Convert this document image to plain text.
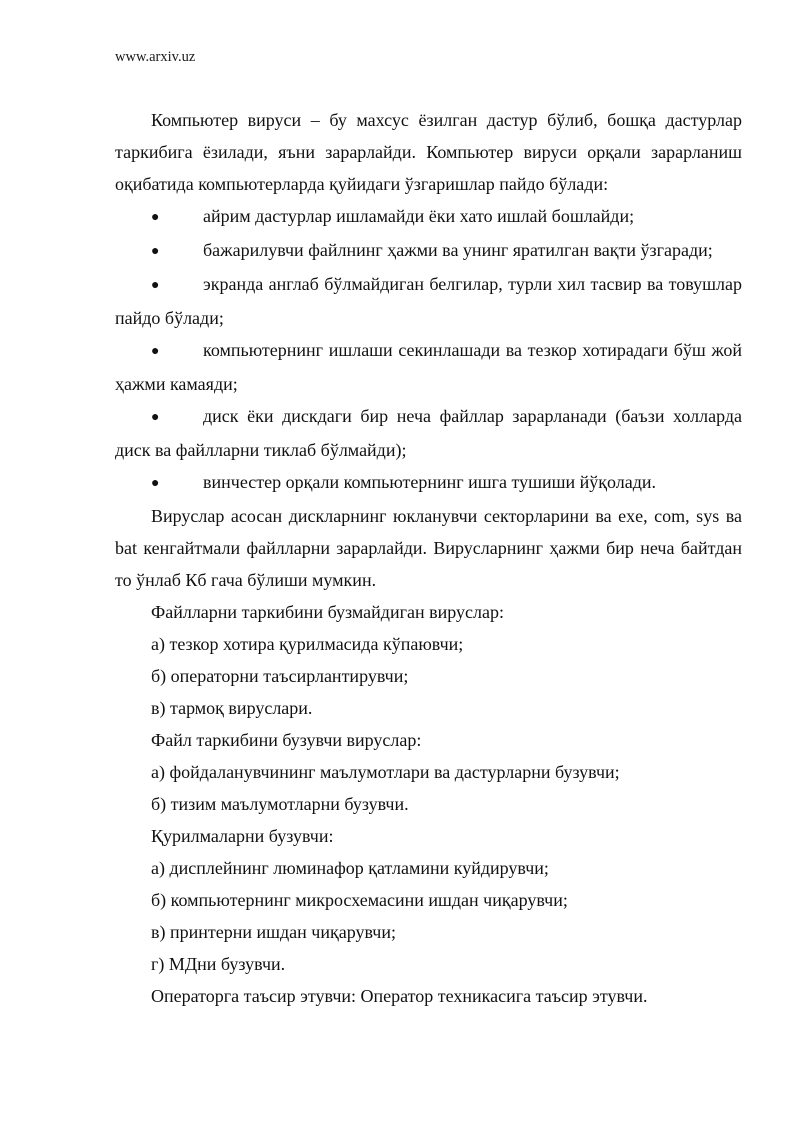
www.arxiv.uz

Компьютер вируси – бу махсус ёзилган дастур бўлиб, бошқа дастурлар таркибига ёзилади, яъни зарарлайди. Компьютер вируси орқали зарарланиш оқибатида компьютерларда қуйидаги ўзгаришлар пайдо бўлади:

● айрим дастурлар ишламайди ёки хато ишлай бошлайди;

● бажарилувчи файлнинг ҳажми ва унинг яратилган вақти ўзгаради;

● экранда англаб бўлмайдиган белгилар, турли хил тасвир ва товушлар пайдо бўлади;

● компьютернинг ишлаши секинлашади ва тезкор хотирадаги бўш жой ҳажми камаяди;

● диск ёки дискдаги бир неча файллар зарарланади (баъзи холларда диск ва файлларни тиклаб бўлмайди);

● винчестер орқали компьютернинг ишга тушиши йўқолади.

Вируслар асосан дискларнинг юкланувчи секторларини ва exe, com, sys ва bat кенгайтмали файлларни зарарлайди. Вирусларнинг ҳажми бир неча байтдан то ўнлаб Кб гача бўлиши мумкин.

Файлларни таркибини бузмайдиган вируслар:

а) тезкор хотира қурилмасида кўпаювчи;

б) операторни таъсирлантирувчи;

в) тармоқ вируслари.

Файл таркибини бузувчи вируслар:

а) фойдаланувчининг маълумотлари ва дастурларни бузувчи;

б) тизим маълумотларни бузувчи.

Қурилмаларни бузувчи:

а) дисплейнинг люминафор қатламини куйдирувчи;

б) компьютернинг микросхемасини ишдан чиқарувчи;

в) принтерни ишдан чиқарувчи;

г) МДни бузувчи.

Операторга таъсир этувчи: Оператор техникасига таъсир этувчи.
